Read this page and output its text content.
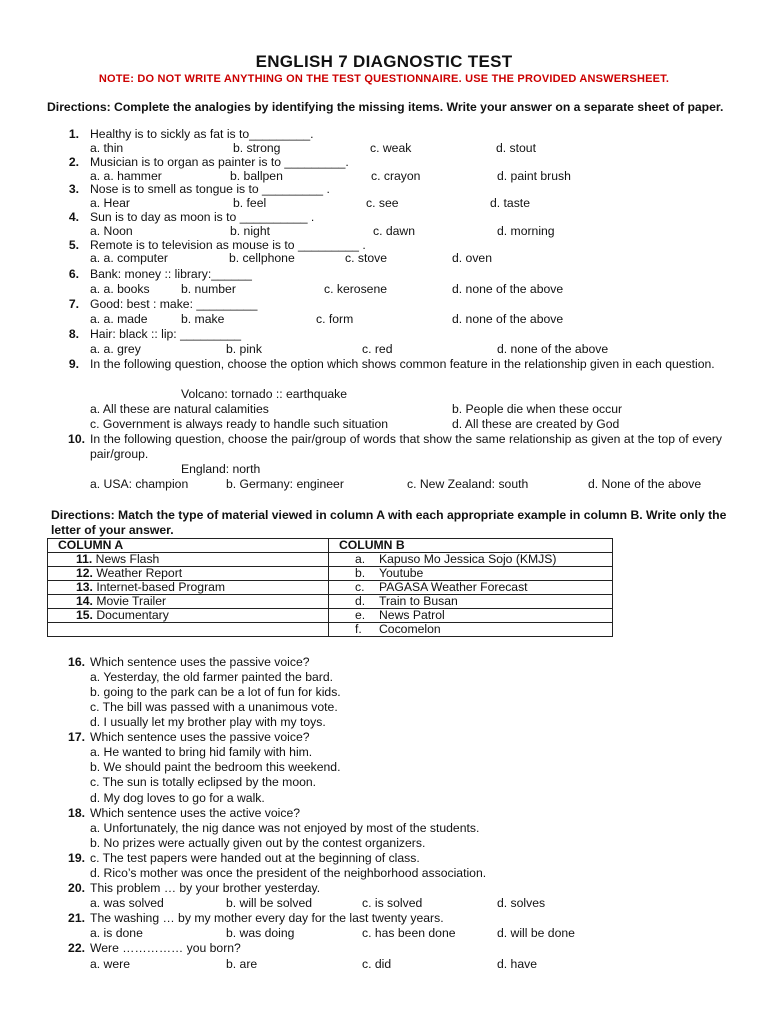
ENGLISH 7 DIAGNOSTIC TEST
NOTE: DO NOT WRITE ANYTHING ON THE TEST QUESTIONNAIRE. USE THE PROVIDED ANSWERSHEET.
Directions: Complete the analogies by identifying the missing items. Write your answer on a separate sheet of paper.
1. Healthy is to sickly as fat is to_________.
a. thin	b. strong	c. weak	d. stout
2. Musician is to organ as painter is to _________.
a. a. hammer	b. ballpen	c. crayon	d. paint brush
3. Nose is to smell as tongue is to _________ .
a. Hear	b. feel	c. see	d. taste
4. Sun is to day as moon is to __________ .
a. Noon	b. night	c. dawn	d. morning
5. Remote is to television as mouse is to _________ .
a. a. computer	b. cellphone	c. stove	d. oven
6. Bank: money :: library:______
a. a. books	b. number	c. kerosene	d. none of the above
7. Good: best : make: _________
a. a. made	b. make	c. form	d. none of the above
8. Hair: black :: lip: _________
a. a. grey	b. pink	c. red	d. none of the above
9. In the following question, choose the option which shows common feature in the relationship given in each question.
Volcano: tornado :: earthquake
a. All these are natural calamities	b. People die when these occur
c. Government is always ready to handle such situation	d. All these are created by God
10. In the following question, choose the pair/group of words that show the same relationship as given at the top of every pair/group.
England: north
a. USA: champion	b. Germany: engineer	c. New Zealand: south	d. None of the above
Directions: Match the type of material viewed in column A with each appropriate example in column B. Write only the letter of your answer.
COLUMN A	COLUMN B
11. News Flash	a. Kapuso Mo Jessica Sojo (KMJS)
12. Weather Report	b. Youtube
13. Internet-based Program	c. PAGASA Weather Forecast
14. Movie Trailer	d. Train to Busan
15. Documentary	e. News Patrol
	f. Cocomelon
16. Which sentence uses the passive voice?
a. Yesterday, the old farmer painted the bard.
b. going to the park can be a lot of fun for kids.
c. The bill was passed with a unanimous vote.
d. I usually let my brother play with my toys.
17. Which sentence uses the passive voice?
a. He wanted to bring hid family with him.
b. We should paint the bedroom this weekend.
c. The sun is totally eclipsed by the moon.
d. My dog loves to go for a walk.
18. Which sentence uses the active voice?
a. Unfortunately, the nig dance was not enjoyed by most of the students.
b. No prizes were actually given out by the contest organizers.
19. c. The test papers were handed out at the beginning of class.
d. Rico’s mother was once the president of the neighborhood association.
20. This problem … by your brother yesterday.
a. was solved	b. will be solved	c. is solved	d. solves
21. The washing … by my mother every day for the last twenty years.
a. is done	b. was doing	c. has been done	d. will be done
22. Were …………… you born?
a. were	b. are	c. did	d. have
